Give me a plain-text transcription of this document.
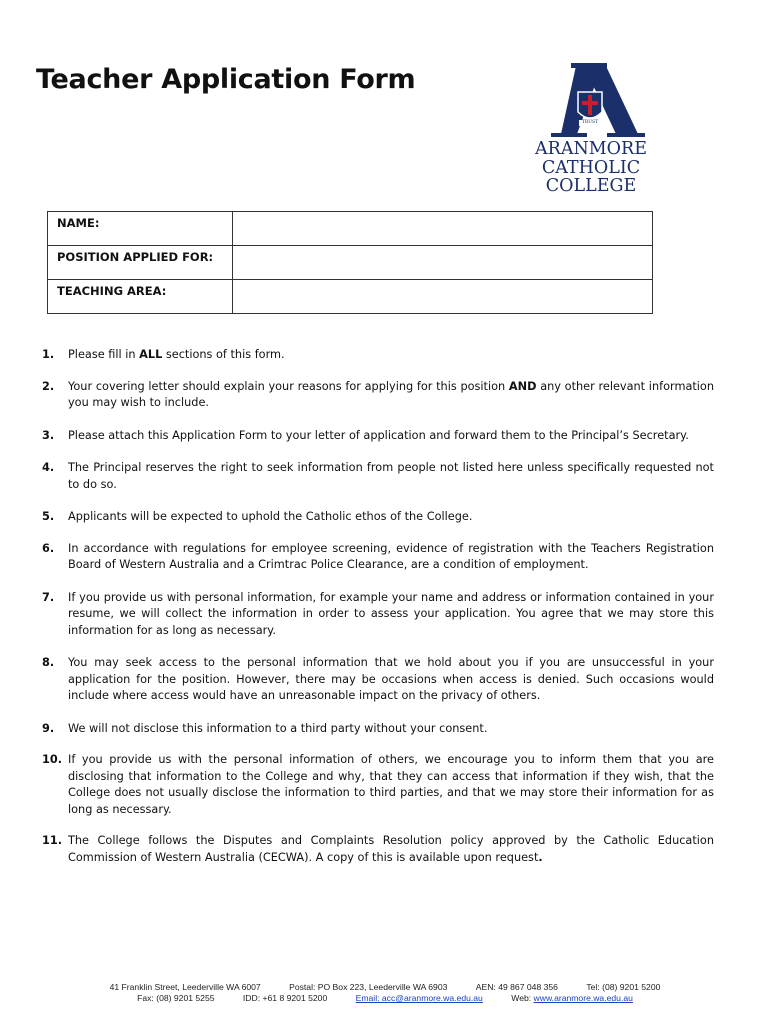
Teacher Application Form
TRUST
ARANMORE
CATHOLIC
COLLEGE
NAME:	
POSITION APPLIED FOR:	
TEACHING AREA:	
1. Please fill in ALL sections of this form.
2. Your covering letter should explain your reasons for applying for this position AND any other relevant information you may wish to include.
3. Please attach this Application Form to your letter of application and forward them to the Principal’s Secretary.
4. The Principal reserves the right to seek information from people not listed here unless specifically requested not to do so.
5. Applicants will be expected to uphold the Catholic ethos of the College.
6. In accordance with regulations for employee screening, evidence of registration with the Teachers Registration Board of Western Australia and a Crimtrac Police Clearance, are a condition of employment.
7. If you provide us with personal information, for example your name and address or information contained in your resume, we will collect the information in order to assess your application. You agree that we may store this information for as long as necessary.
8. You may seek access to the personal information that we hold about you if you are unsuccessful in your application for the position. However, there may be occasions when access is denied. Such occasions would include where access would have an unreasonable impact on the privacy of others.
9. We will not disclose this information to a third party without your consent.
10. If you provide us with the personal information of others, we encourage you to inform them that you are disclosing that information to the College and why, that they can access that information if they wish, that the College does not usually disclose the information to third parties, and that we may store their information for as long as necessary.
11. The College follows the Disputes and Complaints Resolution policy approved by the Catholic Education Commission of Western Australia (CECWA). A copy of this is available upon request.
41 Franklin Street, Leederville WA 6007	Postal: PO Box 223, Leederville WA 6903	AEN: 49 867 048 356	Tel: (08) 9201 5200
Fax: (08) 9201 5255	IDD: +61 8 9201 5200	Email: acc@aranmore.wa.edu.au	Web: www.aranmore.wa.edu.au
